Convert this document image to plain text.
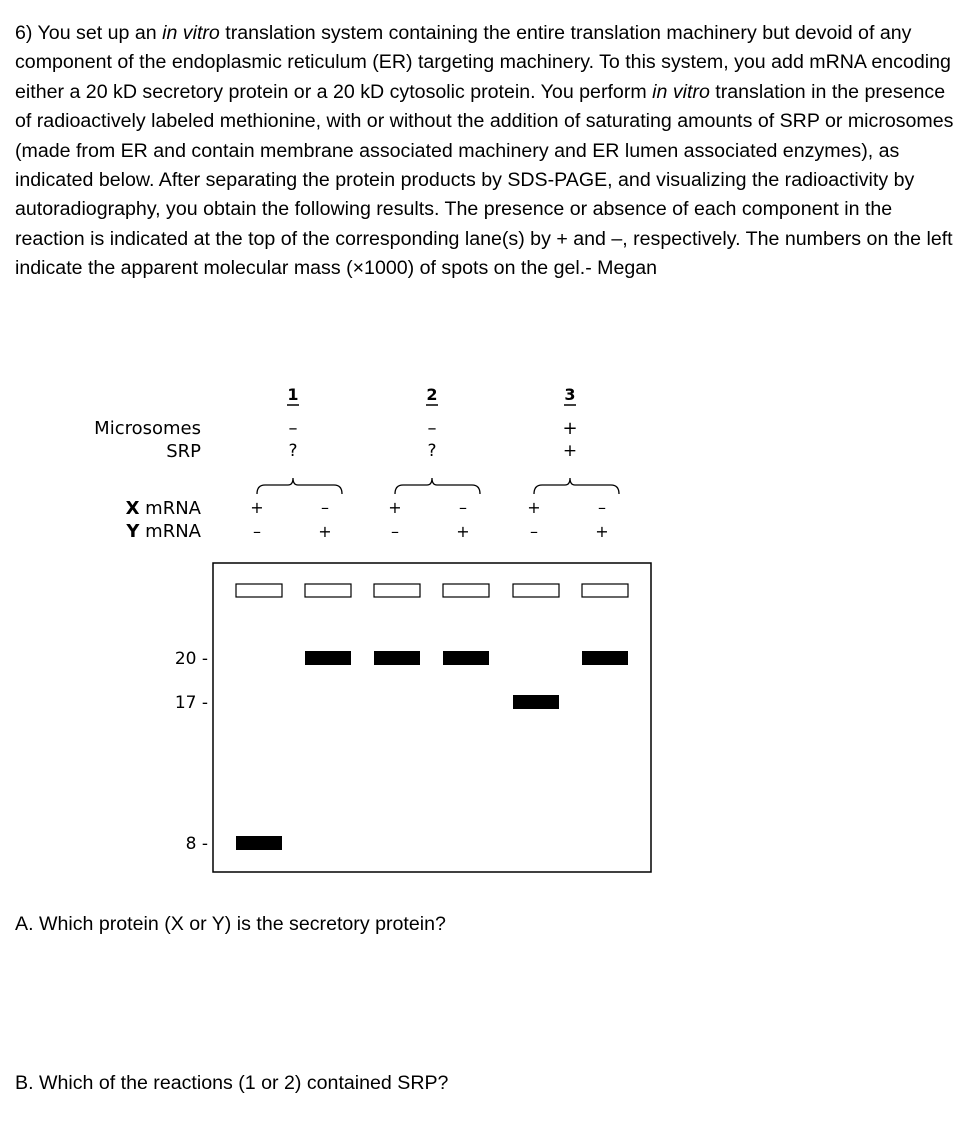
6) You set up an in vitro translation system containing the entire translation machinery but devoid of any component of the endoplasmic reticulum (ER) targeting machinery. To this system, you add mRNA encoding either a 20 kD secretory protein or a 20 kD cytosolic protein. You perform in vitro translation in the presence of radioactively labeled methionine, with or without the addition of saturating amounts of SRP or microsomes (made from ER and contain membrane associated machinery and ER lumen associated enzymes), as indicated below. After separating the protein products by SDS-PAGE, and visualizing the radioactivity by autoradiography, you obtain the following results. The presence or absence of each component in the reaction is indicated at the top of the corresponding lane(s) by + and –, respectively. The numbers on the left indicate the apparent molecular mass (×1000) of spots on the gel.- Megan
Microsomes
SRP
X mRNA
Y mRNA
1
–
?
2
–
?
3
+
+
+
–
–
+
+
–
–
+
+
–
–
+
20 -
17 -
8 -
A. Which protein (X or Y) is the secretory protein?
B. Which of the reactions (1 or 2) contained SRP?
